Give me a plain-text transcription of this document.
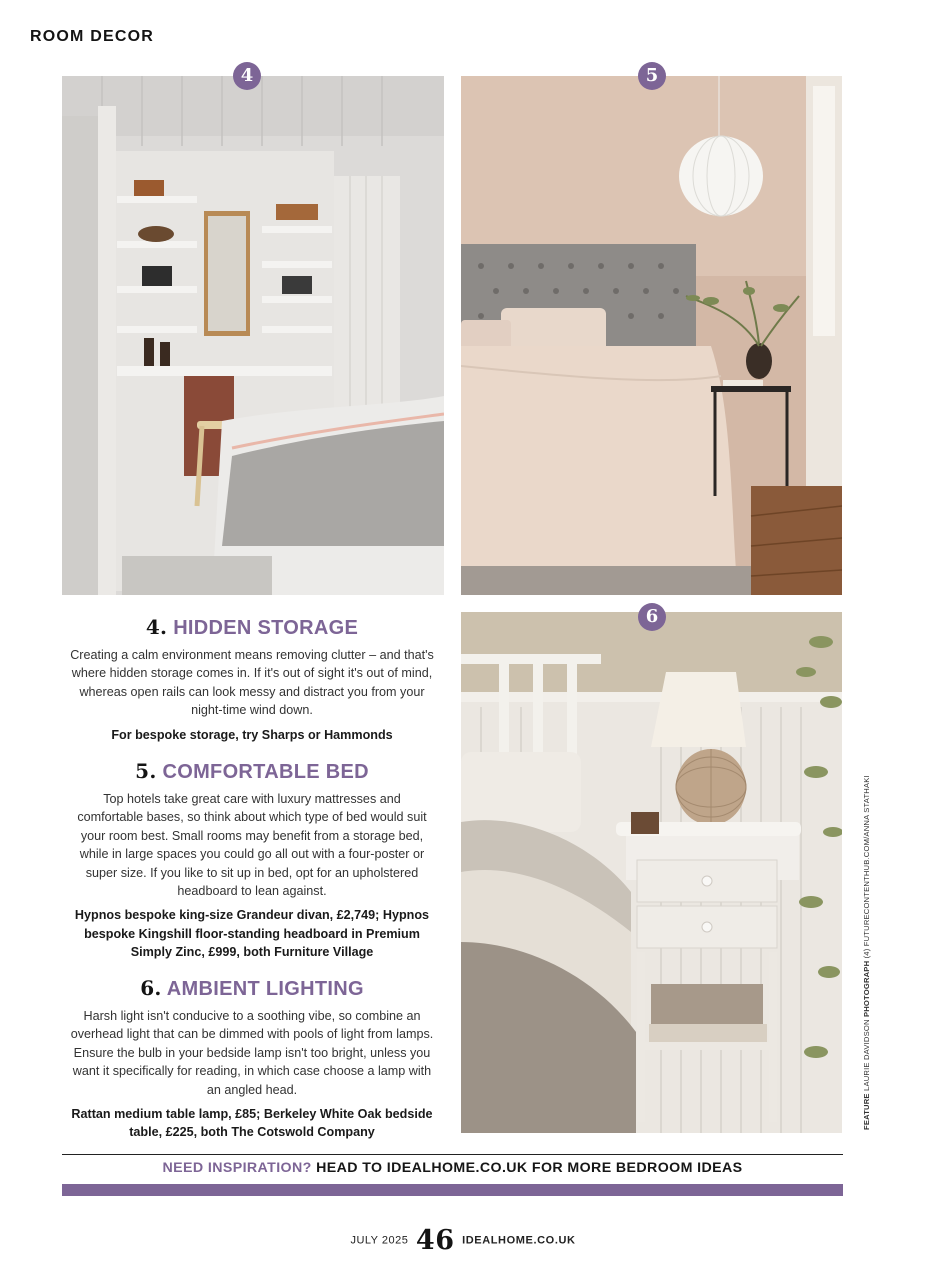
ROOM DECOR
4	5
6
4. HIDDEN STORAGE

Creating a calm environment means removing clutter – and that's where hidden storage comes in. If it's out of sight it's out of mind, whereas open rails can look messy and distract you from your night-time wind down.

For bespoke storage, try Sharps or Hammonds

5. COMFORTABLE BED

Top hotels take great care with luxury mattresses and comfortable bases, so think about which type of bed would suit your room best. Small rooms may benefit from a storage bed, while in large spaces you could go all out with a four-poster or super size. If you like to sit up in bed, opt for an upholstered headboard to lean against.

Hypnos bespoke king-size Grandeur divan, £2,749; Hypnos bespoke Kingshill floor-standing headboard in Premium Simply Zinc, £999, both Furniture Village

6. AMBIENT LIGHTING

Harsh light isn't conducive to a soothing vibe, so combine an overhead light that can be dimmed with pools of light from lamps. Ensure the bulb in your bedside lamp isn't too bright, unless you want it specifically for reading, in which case choose a lamp with an angled head.

Rattan medium table lamp, £85; Berkeley White Oak bedside table, £225, both The Cotswold Company

FEATURE LAURIE DAVIDSON PHOTOGRAPH (4) FUTURECONTENTHUB.COM/ANNA STATHAKI
NEED INSPIRATION? HEAD TO IDEALHOME.CO.UK FOR MORE BEDROOM IDEAS
JULY 2025 46 IDEALHOME.CO.UK
